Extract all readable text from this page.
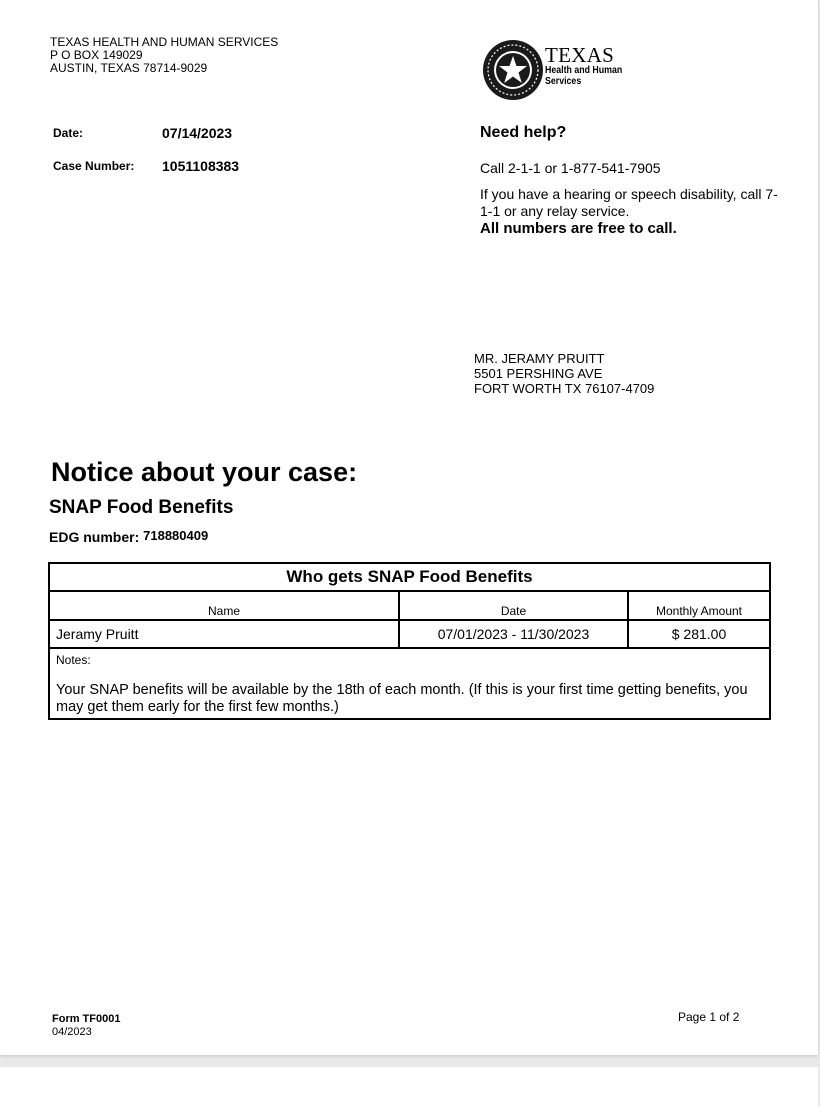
TEXAS HEALTH AND HUMAN SERVICES
P O BOX 149029
AUSTIN, TEXAS 78714-9029
TEXAS
Health and Human
Services
Date:	07/14/2023
Case Number: 1051108383
Need help?
Call 2-1-1 or 1-877-541-7905
If you have a hearing or speech disability, call 7-1-1 or any relay service.
All numbers are free to call.
MR. JERAMY PRUITT
5501 PERSHING AVE
FORT WORTH TX 76107-4709
Notice about your case:
SNAP Food Benefits
EDG number: 718880409
Who gets SNAP Food Benefits		
Name	Date	Monthly Amount
Jeramy Pruitt	07/01/2023 - 11/30/2023	$ 281.00

Notes:
Your SNAP benefits will be available by the 18th of each month. (If this is your first time getting benefits, you may get them early for the first few months.)		
Form TF0001
04/2023
Page 1 of 2
